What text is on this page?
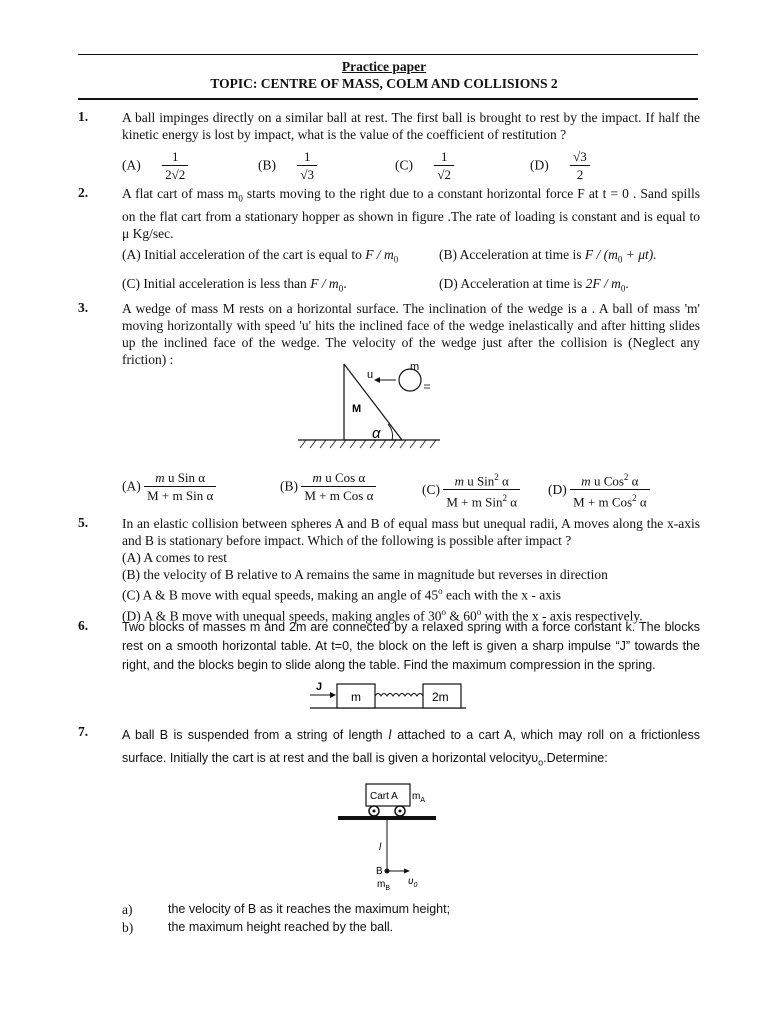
Practice paper
TOPIC: CENTRE OF MASS, COLM AND COLLISIONS 2
1.	A ball impinges directly on a similar ball at rest. The first ball is brought to rest by the impact. If half the kinetic energy is lost by impact, what is the value of the coefficient of restitution ?
$(A) \frac{1}{2√2}$	$(B) \frac{1}{√3}$	$(C) \frac{1}{√2}$	$(D) \frac{√3}{2}$
2.	A flat cart of mass $m_0$ starts moving to the right due to a constant horizontal force F at t = 0 . Sand spills on the flat cart from a stationary hopper as shown in figure .The rate of loading is constant and is equal to μ Kg/sec.
(A) Initial acceleration of the cart is equal to F / $m_0$	(B) Acceleration at time is $F / (m_0 + \mu t)$.
(C) Initial acceleration is less than F / $m_0$.	(D) Acceleration at time is $2F / m_0$.
3.	A wedge of mass M rests on a horizontal surface. The inclination of the wedge is a . A ball of mass 'm' moving horizontally with speed 'u' hits the inclined face of the wedge inelastically and after hitting slides up the inclined face of the wedge. The velocity of the wedge just after the collision is (Neglect any friction) :
u
m
M
α
$(A) \frac{\text{m u Sin α}}{\text{M + m Sin α}}$	$(B) \frac{\text{m u Cos α}}{\text{M + m Cos α}}$	$(C) \frac{m u Sin^2 \alpha}{M + m Sin^2 \alpha} (D) \frac{m u Cos^2 \alpha}{M + m Cos^2 \alpha}$
5.	In an elastic collision between spheres A and B of equal mass but unequal radii, A moves along the x-axis and B is stationary before impact. Which of the following is possible after impact ?
(A) A comes to rest
(B) the velocity of B relative to A remains the same in magnitude but reverses in direction
(C) A & B move with equal speeds, making an angle of 45$^o$ each with the x - axis
(D) A & B move with unequal speeds, making angles of 30$^o$ & 60$^o$ with the x - axis respectively.
6.	Two blocks of masses m and 2m are connected by a relaxed spring with a force constant k. The blocks rest on a smooth horizontal table. At t=0, the block on the left is given a sharp impulse “J” towards the right, and the blocks begin to slide along the table. Find the maximum compression in the spring.
J
m	2m
7.	A ball B is suspended from a string of length l attached to a cart A, which may roll on a frictionless surface. Initially the cart is at rest and the ball is given a horizontal velocityυ$_o$.Determine:
Cart A $m_A$
l
B
$m_B$
$\upsilon_0$
a)	the velocity of B as it reaches the maximum height;
b)	the maximum height reached by the ball.
